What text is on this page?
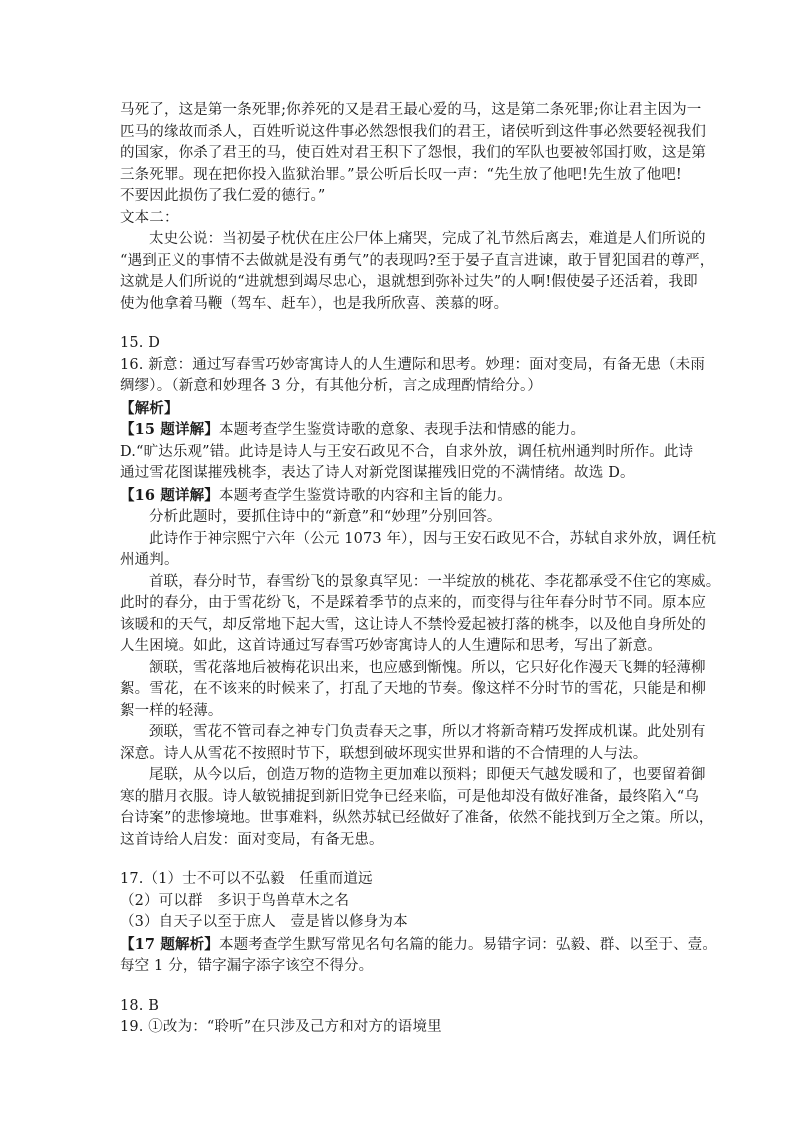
马死了，这是第一条死罪;你养死的又是君王最心爱的马，这是第二条死罪;你让君主因为一

匹马的缘故而杀人，百姓听说这件事必然怨恨我们的君王，诸侯听到这件事必然要轻视我们

的国家，你杀了君王的马，使百姓对君王积下了怨恨，我们的军队也要被邻国打败，这是第

三条死罪。现在把你投入监狱治罪。”景公听后长叹一声：“先生放了他吧!先生放了他吧!

不要因此损伤了我仁爱的德行。”

文本二：

太史公说：当初晏子枕伏在庄公尸体上痛哭，完成了礼节然后离去，难道是人们所说的

“遇到正义的事情不去做就是没有勇气”的表现吗?至于晏子直言进谏，敢于冒犯国君的尊严，

这就是人们所说的“进就想到竭尽忠心，退就想到弥补过失”的人啊!假使晏子还活着，我即

使为他拿着马鞭（驾车、赶车），也是我所欣喜、羡慕的呀。

15. D

16. 新意：通过写春雪巧妙寄寓诗人的人生遭际和思考。妙理：面对变局，有备无患（未雨

绸缪）。（新意和妙理各 3 分，有其他分析，言之成理酌情给分。）

【解析】

【15 题详解】本题考查学生鉴赏诗歌的意象、表现手法和情感的能力。

D.“旷达乐观”错。此诗是诗人与王安石政见不合，自求外放，调任杭州通判时所作。此诗

通过雪花图谋摧残桃李，表达了诗人对新党图谋摧残旧党的不满情绪。故选 D。

【16 题详解】本题考查学生鉴赏诗歌的内容和主旨的能力。

分析此题时，要抓住诗中的“新意”和“妙理”分别回答。

此诗作于神宗熙宁六年（公元 1073 年），因与王安石政见不合，苏轼自求外放，调任杭

州通判。

首联，春分时节，春雪纷飞的景象真罕见：一半绽放的桃花、李花都承受不住它的寒威。

此时的春分，由于雪花纷飞，不是踩着季节的点来的，而变得与往年春分时节不同。原本应

该暖和的天气，却反常地下起大雪，这让诗人不禁怜爱起被打落的桃李，以及他自身所处的

人生困境。如此，这首诗通过写春雪巧妙寄寓诗人的人生遭际和思考，写出了新意。

颔联，雪花落地后被梅花识出来，也应感到惭愧。所以，它只好化作漫天飞舞的轻薄柳

絮。雪花，在不该来的时候来了，打乱了天地的节奏。像这样不分时节的雪花，只能是和柳

絮一样的轻薄。

颈联，雪花不管司春之神专门负责春天之事，所以才将新奇精巧发挥成机谋。此处别有

深意。诗人从雪花不按照时节下，联想到破坏现实世界和谐的不合情理的人与法。

尾联，从今以后，创造万物的造物主更加难以预料；即便天气越发暖和了，也要留着御

寒的腊月衣服。诗人敏锐捕捉到新旧党争已经来临，可是他却没有做好准备，最终陷入“乌

台诗案”的悲惨境地。世事难料，纵然苏轼已经做好了准备，依然不能找到万全之策。所以，

这首诗给人启发：面对变局，有备无患。

17.（1）士不可以不弘毅　任重而道远

（2）可以群　多识于鸟兽草木之名

（3）自天子以至于庶人　壹是皆以修身为本

【17 题解析】本题考查学生默写常见名句名篇的能力。易错字词：弘毅、群、以至于、壹。

每空 1 分，错字漏字添字该空不得分。

18. B

19. ①改为：“聆听”在只涉及己方和对方的语境里
